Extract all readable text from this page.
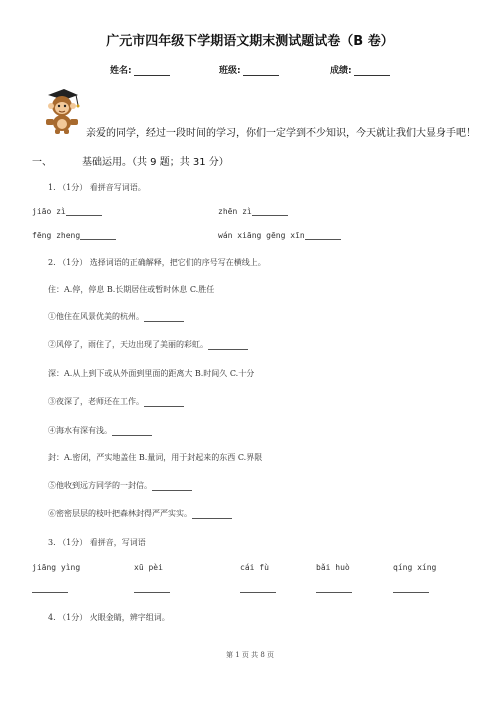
广元市四年级下学期语文期末测试题试卷（B 卷）
姓名:	班级:	成绩:
亲爱的同学，经过一段时间的学习，你们一定学到不少知识，今天就让我们大显身手吧！
一、	基础运用。（共 9 题；共 31 分）
1. （1分） 看拼音写词语。
jiāo zì	zhēn zì
fēng zheng	wán xiāng gēng xīn
2. （1分） 选择词语的正确解释，把它们的序号写在横线上。
住：A.停，停息 B.长期居住或暂时休息 C.胜任
①他住在风景优美的杭州。
②风停了，雨住了，天边出现了美丽的彩虹。
深：A.从上到下或从外面到里面的距离大 B.时间久 C.十分
③夜深了，老师还在工作。
④海水有深有浅。
封：A.密闭，严实地盖住 B.量词，用于封起来的东西 C.界限
⑤他收到远方同学的一封信。
⑥密密层层的枝叶把森林封得严严实实。
3. （1分） 看拼音，写词语
jiāng yìng	xū pèi	cái fù	bǎi huò	qíng xíng
4. （1分） 火眼金睛，辨字组词。
第 1 页 共 8 页
